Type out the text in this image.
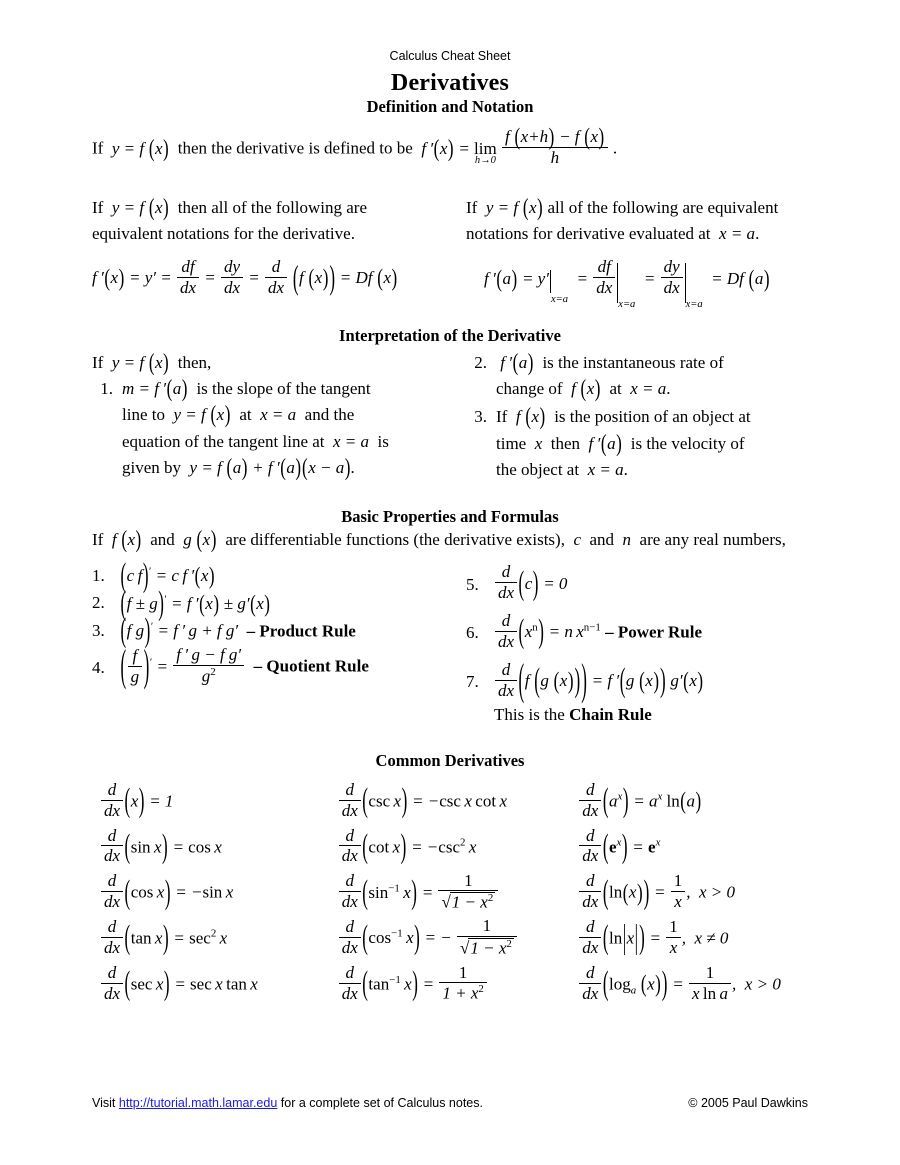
Calculus Cheat Sheet
Derivatives
Definition and Notation
If  y = f (x) then the derivative is defined to be  f ′(x) = lim
h→0
$\frac{f (x+h) - f (x)}{h}$ .
If  y = f (x) then all of the following are
equivalent notations for the derivative.
f $'(x) = y' = \frac{df}{dx} = \frac{dy}{dx} = \frac{d}{dx} (f$ (x)) = Df (x)
If  y = f (x) all of the following are equivalent
notations for derivative evaluated at  x = a.
f $'(a) = y'_{x=a} = \frac{df}{dx}$
$_{x=a} = \frac{dy}{dx}$
$_{x=a}$  = Df (a)
Interpretation of the Derivative
If  y = f (x) then,
1. m = f ′(a) is the slope of the tangent
line to  y = f (x) at  x = a  and the
equation of the tangent line at  x = a  is
given by  y = f (a) + f ′(a)(x − a).
2. f ′(a) is the instantaneous rate of
change of  f (x) at  x = a.
3. If  f (x) is the position of an object at
time  x  then  f ′(a) is the velocity of
the object at  x = a.
Basic Properties and Formulas
If  f (x) and  g (x) are differentiable functions (the derivative exists),  c  and  n  are any real numbers,
1. (c f)′ = c f ′(x)
2. (f ± g)′ = f ′(x) ± g′(x)
3. (f g)′ = f ′ g + f g′  – Product Rule
4. ( $\frac{f}{g} )' = \frac{\text{f ′ g − f g′}}{g^2}$ – Quotient Rule
5. $\frac{d}{dx} (c) = 0$
6. $\frac{d}{dx} (x^n) = n$ $x^{n-1}$ – Power Rule
7. $\frac{d}{dx} (f$ (g (x))) = f ′(g (x)) g′(x)
This is the Chain Rule
Common Derivatives
$\frac{d}{dx} (x) = 1$
$\frac{d}{dx} (\sin$ x) = cos x
$\frac{d}{dx} (\cos$ x) = −sin x
$\frac{d}{dx} (\tan$ $x) = \sec^2 x$
$\frac{d}{dx} (\sec$ x) = sec x tan x
$\frac{d}{dx} (\csc$ x) = −csc x cot x
$\frac{d}{dx} (\cot$ $x) = -\csc^2$ x
$\frac{d}{dx} (\sin^{-1}$ $x) = \frac{1}{√1 - x^2}$
$\frac{d}{dx} (\cos^{-1}$ x) = − $\frac{1}{√1 - x^2}$
$\frac{d}{dx} (\tan^{-1}$ $x) = \frac{1}{1 + x^2}$
$\frac{d}{dx} (a^x) = a^x$ ln(a)
$\frac{d}{dx} (e^x) = e^x$
$\frac{d}{dx} (\ln(x)) = \frac{1}{x}$ ,  x > 0
$\frac{d}{dx} (\ln|x|) = \frac{1}{x}$ ,  x ≠ 0
$\frac{d}{dx} (\log_a$ $(x)) = \frac{1}{\text{x ln a}}$ ,  x > 0
Visit http://tutorial.math.lamar.edu for a complete set of Calculus notes.	© 2005 Paul Dawkins
